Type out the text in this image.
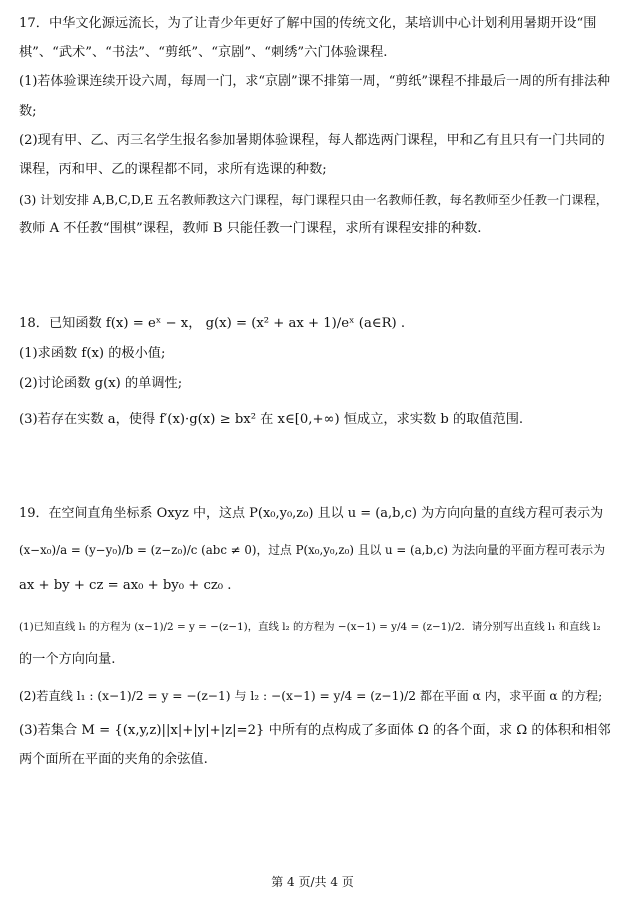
17．中华文化源远流长，为了让青少年更好了解中国的传统文化，某培训中心计划利用暑期开设“围
棋”、“武术”、“书法”、“剪纸”、“京剧”、“刺绣”六门体验课程.
(1)若体验课连续开设六周，每周一门，求“京剧”课不排第一周，“剪纸”课程不排最后一周的所有排法种
数;
(2)现有甲、乙、丙三名学生报名参加暑期体验课程，每人都选两门课程，甲和乙有且只有一门共同的
课程，丙和甲、乙的课程都不同，求所有选课的种数;
(3) 计划安排 A,B,C,D,E 五名教师教这六门课程，每门课程只由一名教师任教，每名教师至少任教一门课程，
教师 A 不任教“围棋”课程，教师 B 只能任教一门课程，求所有课程安排的种数.
18．已知函数 f(x) = eˣ − x， g(x) = (x² + ax + 1)/eˣ (a∈R) .
(1)求函数 f(x) 的极小值;
(2)讨论函数 g(x) 的单调性;
(3)若存在实数 a，使得 f′(x)·g(x) ≥ bx² 在 x∈[0,+∞) 恒成立，求实数 b 的取值范围.
19．在空间直角坐标系 Oxyz 中，这点 P(x₀,y₀,z₀) 且以 u = (a,b,c) 为方向向量的直线方程可表示为
(x−x₀)/a = (y−y₀)/b = (z−z₀)/c (abc ≠ 0)，过点 P(x₀,y₀,z₀) 且以 u = (a,b,c) 为法向量的平面方程可表示为
ax + by + cz = ax₀ + by₀ + cz₀ .
(1)已知直线 l₁ 的方程为 (x−1)/2 = y = −(z−1)，直线 l₂ 的方程为 −(x−1) = y/4 = (z−1)/2．请分别写出直线 l₁ 和直线 l₂
的一个方向向量.
(2)若直线 l₁ : (x−1)/2 = y = −(z−1) 与 l₂ : −(x−1) = y/4 = (z−1)/2 都在平面 α 内，求平面 α 的方程;
(3)若集合 M = {(x,y,z)||x|+|y|+|z|=2} 中所有的点构成了多面体 Ω 的各个面，求 Ω 的体积和相邻
两个面所在平面的夹角的余弦值.
第 4 页/共 4 页
